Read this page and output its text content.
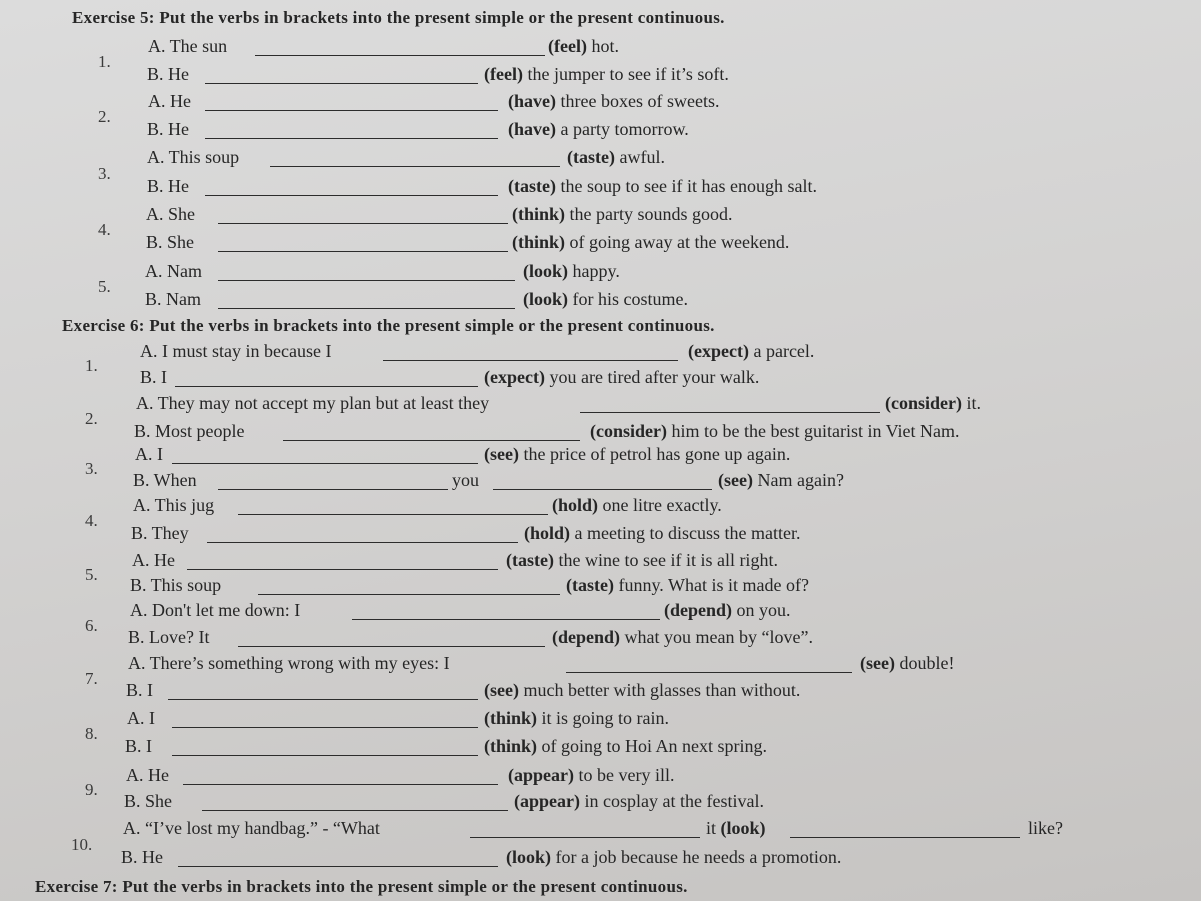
Exercise 5: Put the verbs in brackets into the present simple or the present continuous.
1.
A. The sun	(feel) hot.
B. He	(feel) the jumper to see if it’s soft.
2.
A. He	(have) three boxes of sweets.
B. He	(have) a party tomorrow.
3.
A. This soup	(taste) awful.
B. He	(taste) the soup to see if it has enough salt.
4.
A. She	(think) the party sounds good.
B. She	(think) of going away at the weekend.
5.
A. Nam	(look) happy.
B. Nam	(look) for his costume.
Exercise 6: Put the verbs in brackets into the present simple or the present continuous.
1.
A. I must stay in because I	(expect) a parcel.
B. I	(expect) you are tired after your walk.
2.
A. They may not accept my plan but at least they	(consider) it.
B. Most people	(consider) him to be the best guitarist in Viet Nam.
3.
A. I	(see) the price of petrol has gone up again.
B. When	you	(see) Nam again?
4.
A. This jug	(hold) one litre exactly.
B. They	(hold) a meeting to discuss the matter.
5.
A. He	(taste) the wine to see if it is all right.
B. This soup	(taste) funny. What is it made of?
6.
A. Don't let me down: I	(depend) on you.
B. Love? It	(depend) what you mean by “love”.
7.
A. There’s something wrong with my eyes: I	(see) double!
B. I	(see) much better with glasses than without.
8.
A. I	(think) it is going to rain.
B. I	(think) of going to Hoi An next spring.
9.
A. He	(appear) to be very ill.
B. She	(appear) in cosplay at the festival.
10.
A. “I’ve lost my handbag.” - “What	it (look)	like?
B. He	(look) for a job because he needs a promotion.
Exercise 7: Put the verbs in brackets into the present simple or the present continuous.
